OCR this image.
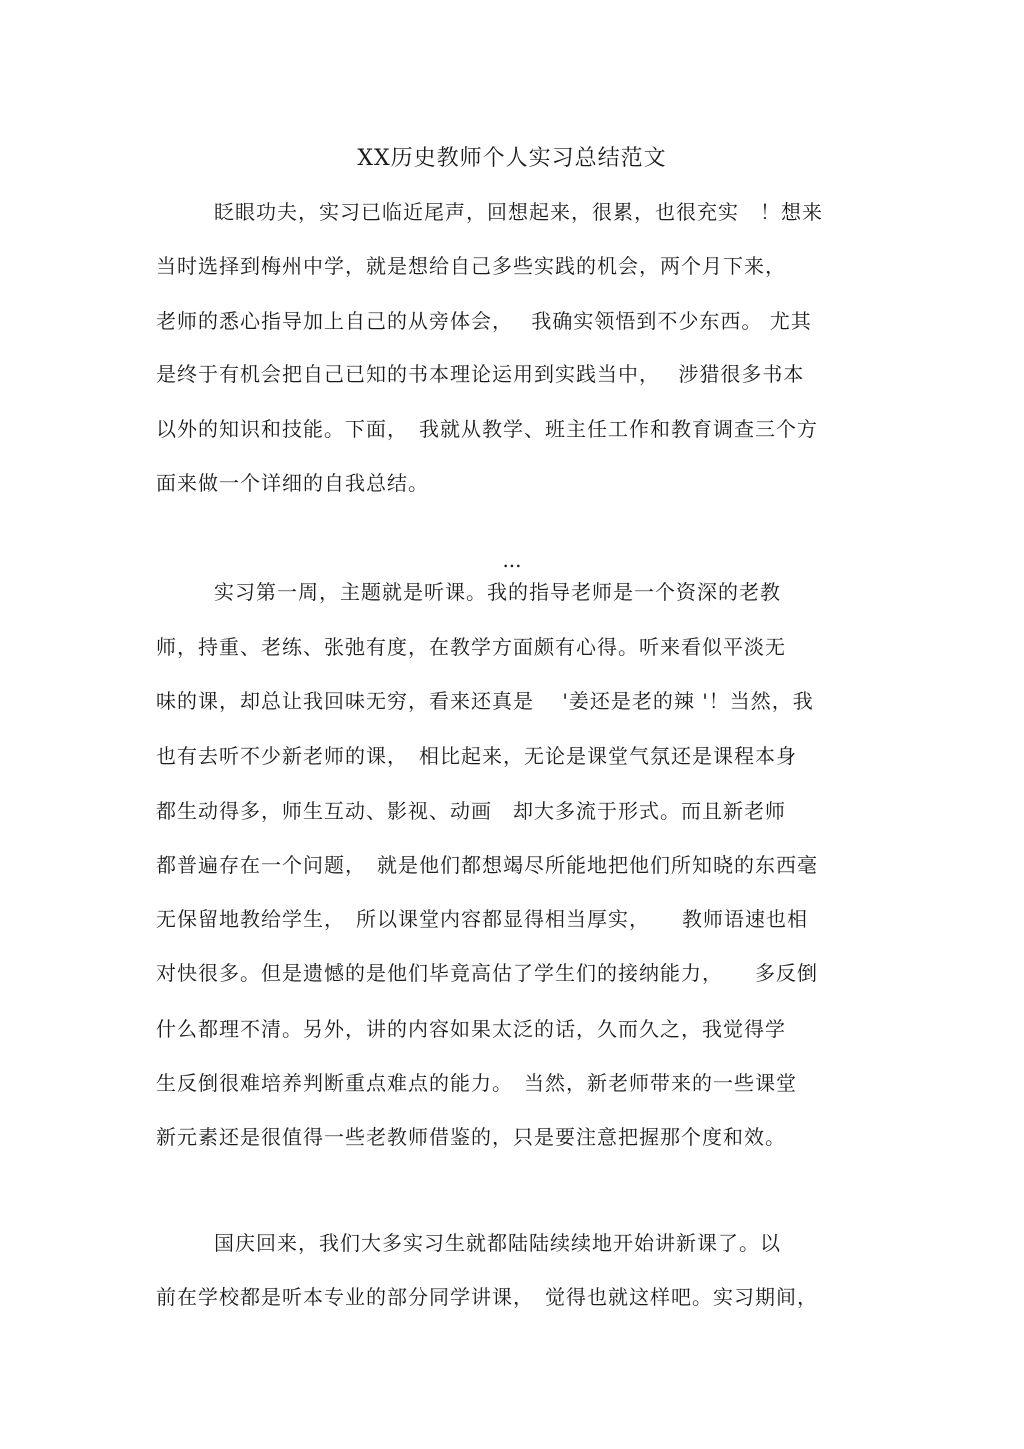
XX历史教师个人实习总结范文
眨眼功夫，实习已临近尾声，回想起来，很累，也很充实　！想来
当时选择到梅州中学，就是想给自己多些实践的机会，两个月下来，
老师的悉心指导加上自己的从旁体会，　 我确实领悟到不少东西。 尤其
是终于有机会把自己已知的书本理论运用到实践当中，　 涉猎很多书本
以外的知识和技能。下面，　我就从教学、班主任工作和教育调查三个方
面来做一个详细的自我总结。
...
实习第一周，主题就是听课。我的指导老师是一个资深的老教
师，持重、老练、张弛有度，在教学方面颇有心得。听来看似平淡无
味的课，却总让我回味无穷，看来还真是　 '姜还是老的辣 '！当然，我
也有去听不少新老师的课，　相比起来，无论是课堂气氛还是课程本身
都生动得多，师生互动、影视、动画　却大多流于形式。而且新老师
都普遍存在一个问题，　就是他们都想竭尽所能地把他们所知晓的东西毫
无保留地教给学生，　所以课堂内容都显得相当厚实，　　教师语速也相
对快很多。但是遗憾的是他们毕竟高估了学生们的接纳能力，　　多反倒
什么都理不清。另外，讲的内容如果太泛的话，久而久之，我觉得学
生反倒很难培养判断重点难点的能力。　当然，新老师带来的一些课堂
新元素还是很值得一些老教师借鉴的，只是要注意把握那个度和效。
国庆回来，我们大多实习生就都陆陆续续地开始讲新课了。以
前在学校都是听本专业的部分同学讲课，　觉得也就这样吧。实习期间，
